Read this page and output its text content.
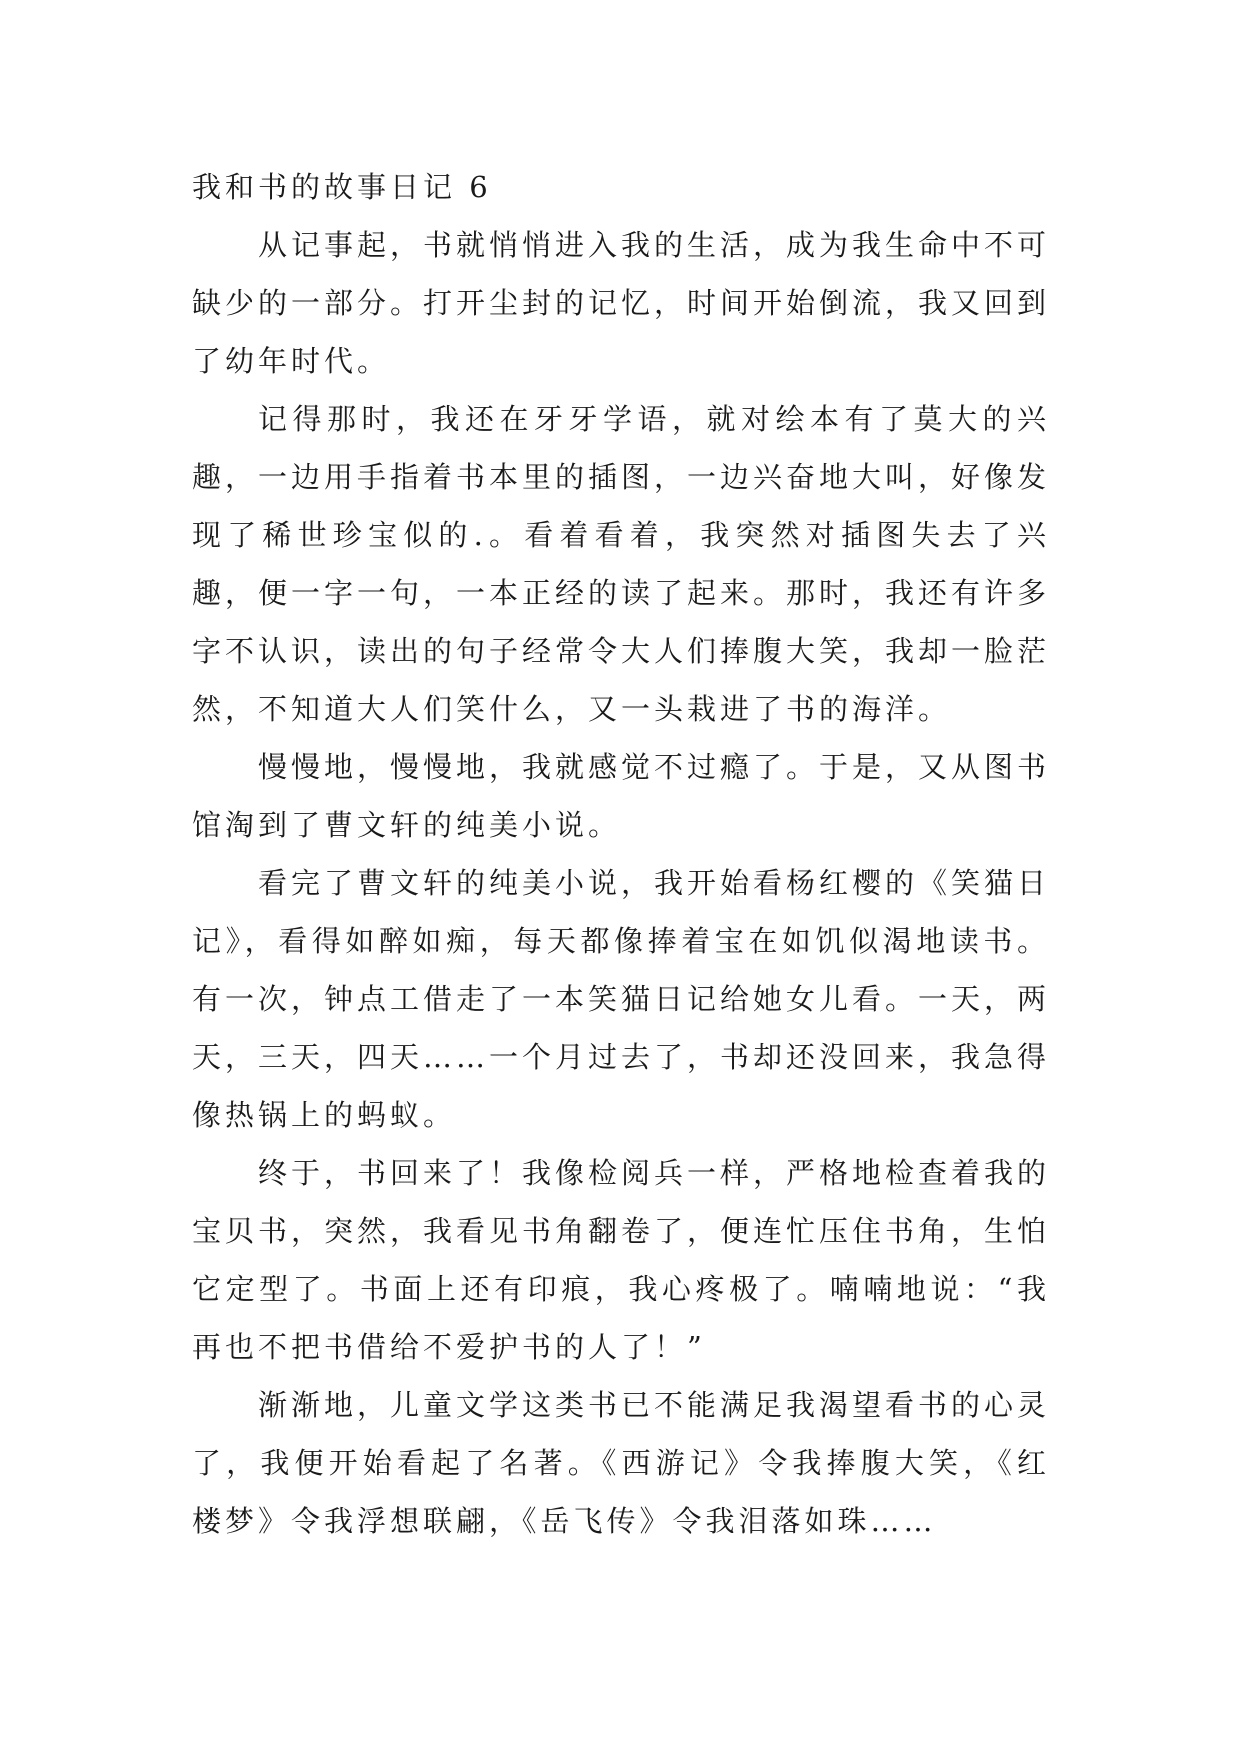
我和书的故事日记 6

从记事起，书就悄悄进入我的生活，成为我生命中不可缺少的一部分。打开尘封的记忆，时间开始倒流，我又回到了幼年时代。

记得那时，我还在牙牙学语，就对绘本有了莫大的兴趣，一边用手指着书本里的插图，一边兴奋地大叫，好像发现了稀世珍宝似的.。看着看着，我突然对插图失去了兴趣，便一字一句，一本正经的读了起来。那时，我还有许多字不认识，读出的句子经常令大人们捧腹大笑，我却一脸茫然，不知道大人们笑什么，又一头栽进了书的海洋。

慢慢地，慢慢地，我就感觉不过瘾了。于是，又从图书馆淘到了曹文轩的纯美小说。

看完了曹文轩的纯美小说，我开始看杨红樱的《笑猫日记》，看得如醉如痴，每天都像捧着宝在如饥似渴地读书。有一次，钟点工借走了一本笑猫日记给她女儿看。一天，两天，三天，四天……一个月过去了，书却还没回来，我急得像热锅上的蚂蚁。

终于，书回来了！我像检阅兵一样，严格地检查着我的宝贝书，突然，我看见书角翻卷了，便连忙压住书角，生怕它定型了。书面上还有印痕，我心疼极了。喃喃地说：“我再也不把书借给不爱护书的人了！”

渐渐地，儿童文学这类书已不能满足我渴望看书的心灵了，我便开始看起了名著。《西游记》令我捧腹大笑，《红楼梦》令我浮想联翩，《岳飞传》令我泪落如珠……
